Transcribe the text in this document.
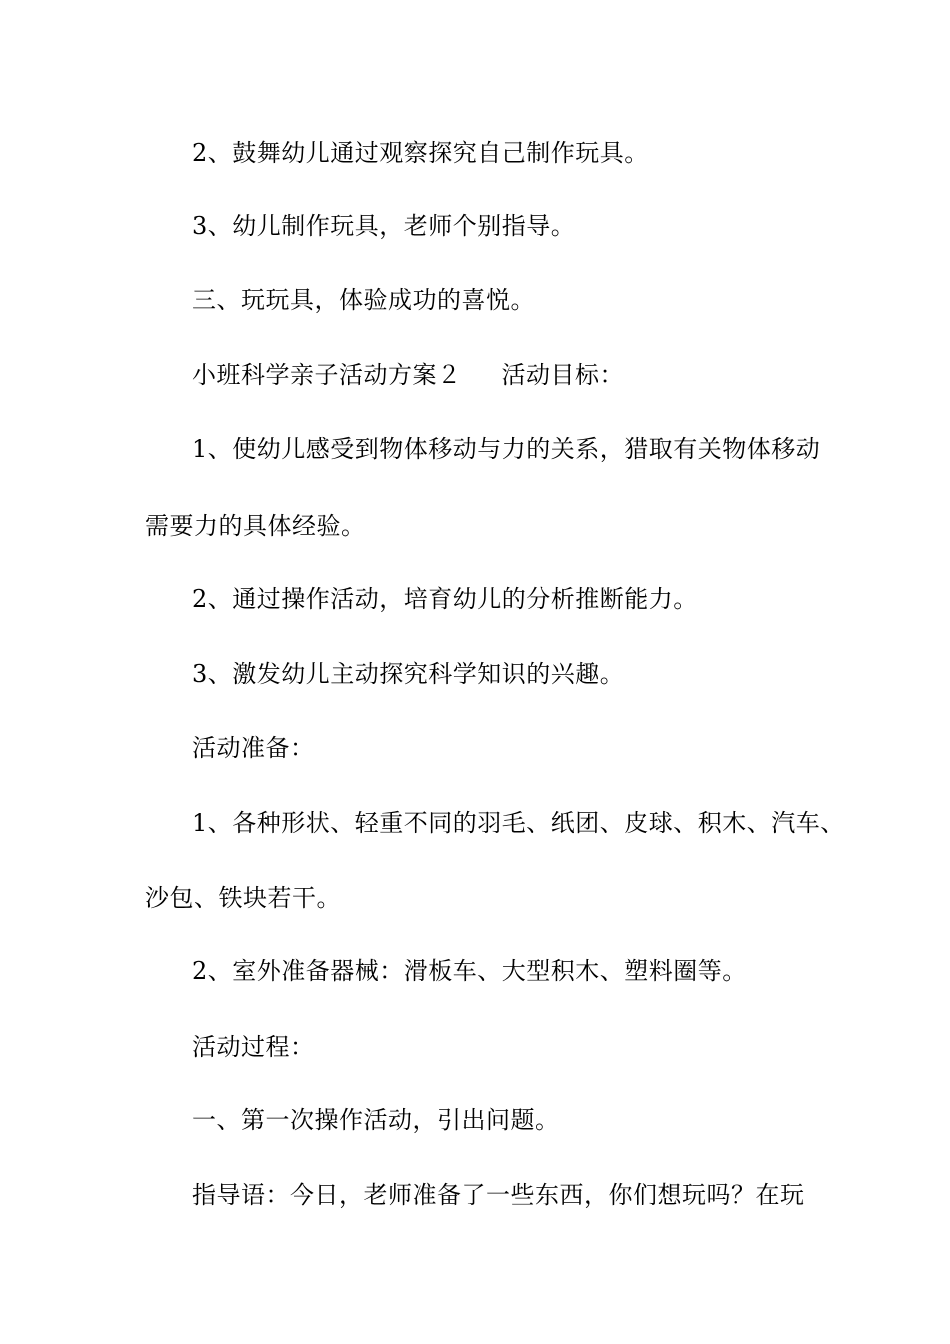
2、鼓舞幼儿通过观察探究自己制作玩具。
3、幼儿制作玩具，老师个别指导。
三、玩玩具，体验成功的喜悦。
小班科学亲子活动方案２ 活动目标：
1、使幼儿感受到物体移动与力的关系，猎取有关物体移动
需要力的具体经验。
2、通过操作活动，培育幼儿的分析推断能力。
3、激发幼儿主动探究科学知识的兴趣。
活动准备：
1、各种形状、轻重不同的羽毛、纸团、皮球、积木、汽车、
沙包、铁块若干。
2、室外准备器械：滑板车、大型积木、塑料圈等。
活动过程：
一、第一次操作活动，引出问题。
指导语：今日，老师准备了一些东西，你们想玩吗？在玩
